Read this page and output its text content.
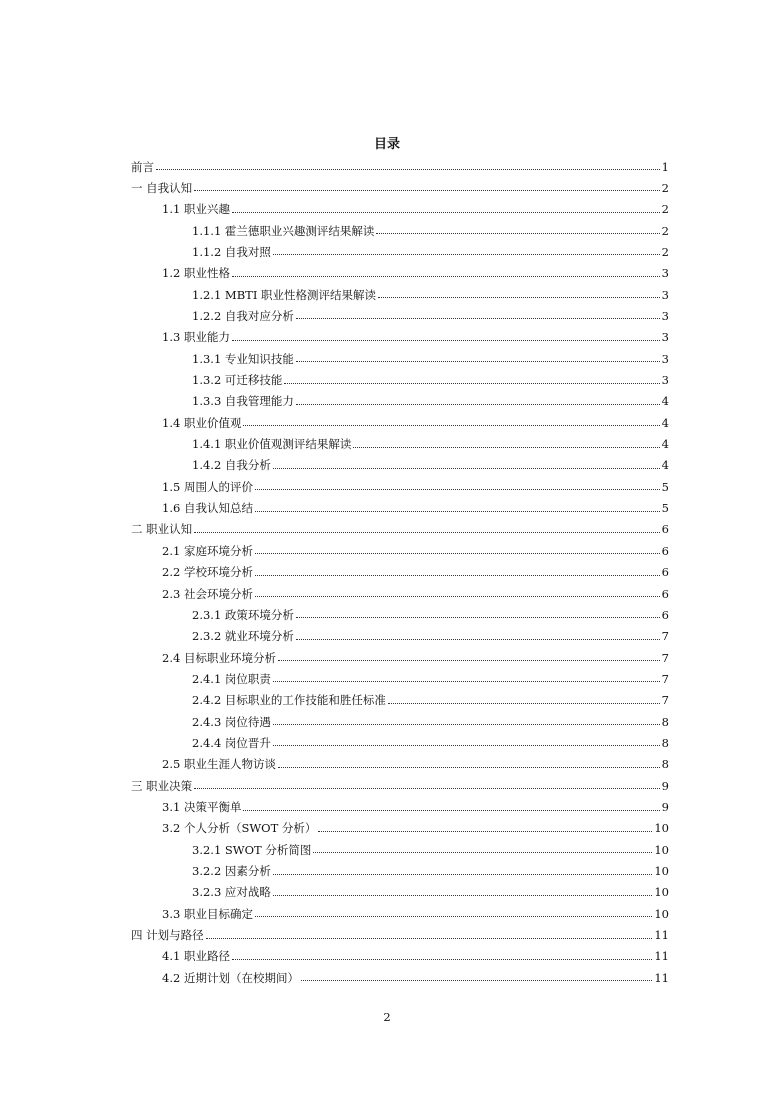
目录
前言	1
一 自我认知	2
1.1 职业兴趣	2
1.1.1 霍兰德职业兴趣测评结果解读	2
1.1.2 自我对照	2
1.2 职业性格	3
1.2.1 MBTI 职业性格测评结果解读	3
1.2.2 自我对应分析	3
1.3 职业能力	3
1.3.1 专业知识技能	3
1.3.2 可迁移技能	3
1.3.3 自我管理能力	4
1.4 职业价值观	4
1.4.1 职业价值观测评结果解读	4
1.4.2 自我分析	4
1.5 周围人的评价	5
1.6 自我认知总结	5
二 职业认知	6
2.1 家庭环境分析	6
2.2 学校环境分析	6
2.3 社会环境分析	6
2.3.1 政策环境分析	6
2.3.2 就业环境分析	7
2.4 目标职业环境分析	7
2.4.1 岗位职责	7
2.4.2 目标职业的工作技能和胜任标准	7
2.4.3 岗位待遇	8
2.4.4 岗位晋升	8
2.5 职业生涯人物访谈	8
三 职业决策	9
3.1 决策平衡单	9
3.2 个人分析（SWOT 分析）	10
3.2.1 SWOT 分析简图	10
3.2.2 因素分析	10
3.2.3 应对战略	10
3.3 职业目标确定	10
四 计划与路径	11
4.1 职业路径	11
4.2 近期计划（在校期间）	11
2
